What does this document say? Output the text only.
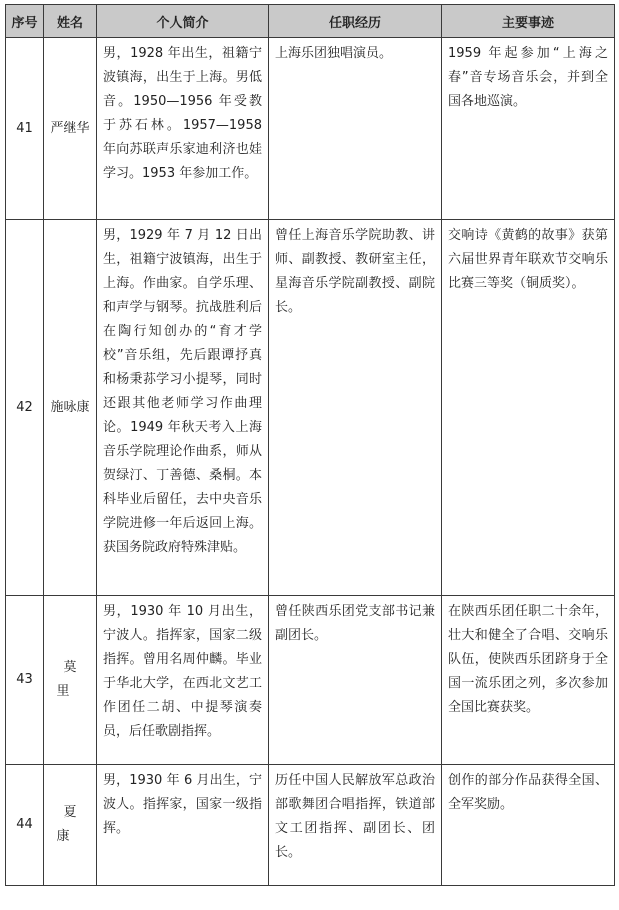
序号	姓名	个人简介	任职经历	主要事迹
41	严继华	男，1928 年出生，祖籍宁波镇海，出生于上海。男低音。1950—1956 年受教于苏石林。1957—1958 年向苏联声乐家迪利济也娃学习。1953 年参加工作。	上海乐团独唱演员。	1959 年起参加“上海之春”音专场音乐会，并到全国各地巡演。
42	施咏康	男，1929 年 7 月 12 日出生，祖籍宁波镇海，出生于上海。作曲家。自学乐理、和声学与钢琴。抗战胜利后在陶行知创办的“育才学校”音乐组，先后跟谭抒真和杨秉荪学习小提琴，同时还跟其他老师学习作曲理论。1949 年秋天考入上海音乐学院理论作曲系，师从贺绿汀、丁善德、桑桐。本科毕业后留任，去中央音乐学院进修一年后返回上海。获国务院政府特殊津贴。	曾任上海音乐学院助教、讲师、副教授、教研室主任，星海音乐学院副教授、副院长。	交响诗《黄鹤的故事》获第六届世界青年联欢节交响乐比赛三等奖（铜质奖）。
43	莫里	男，1930 年 10 月出生，宁波人。指挥家，国家二级指挥。曾用名周仲麟。毕业于华北大学，在西北文艺工作团任二胡、中提琴演奏员，后任歌剧指挥。	曾任陕西乐团党支部书记兼副团长。	在陕西乐团任职二十余年，壮大和健全了合唱、交响乐队伍，使陕西乐团跻身于全国一流乐团之列，多次参加全国比赛获奖。
44	夏康	男，1930 年 6 月出生，宁波人。指挥家，国家一级指挥。	历任中国人民解放军总政治部歌舞团合唱指挥，铁道部文工团指挥、副团长、团长。	创作的部分作品获得全国、全军奖励。
